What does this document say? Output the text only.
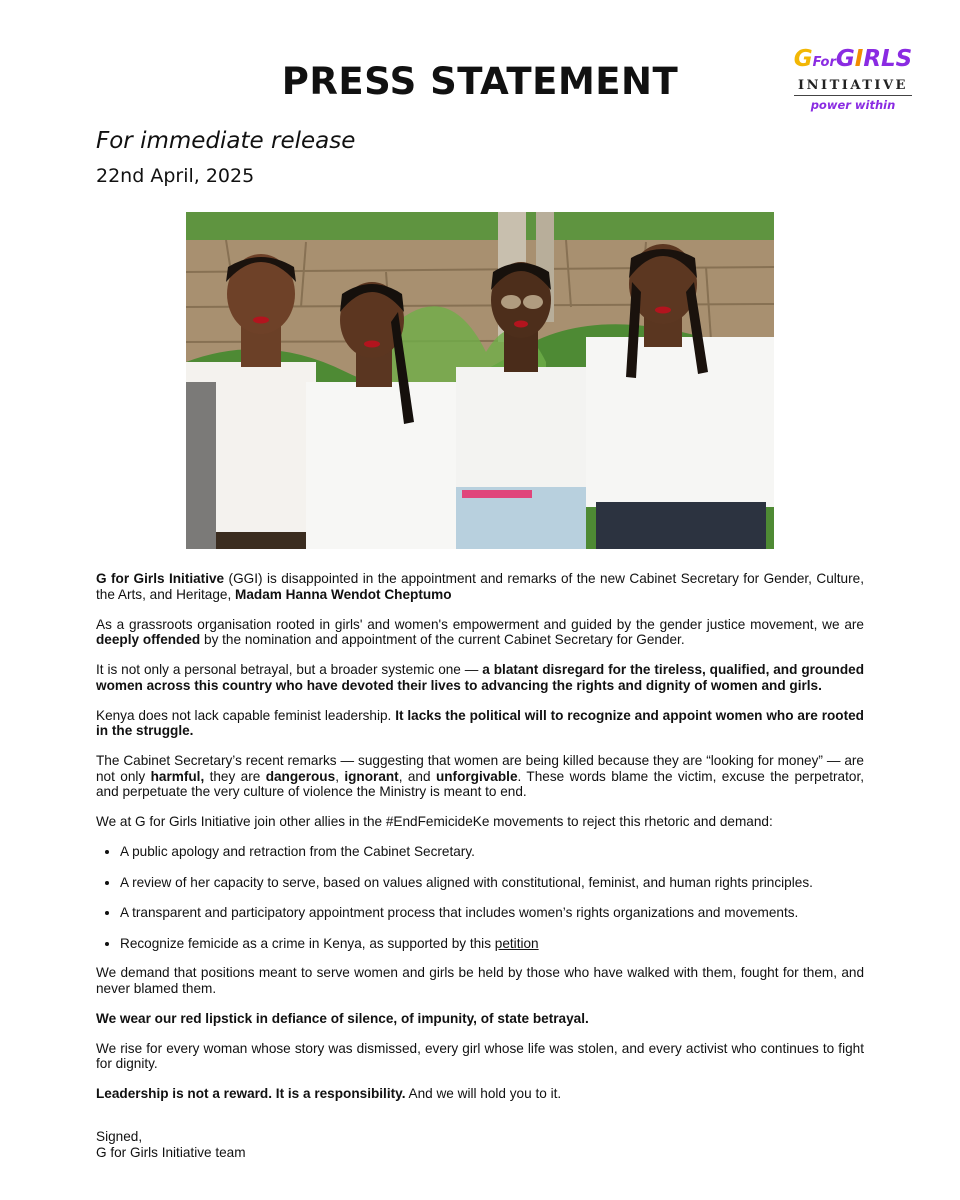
PRESS STATEMENT
GForGIRLS
INITIATIVE
power within
For immediate release
22nd April, 2025

G for Girls Initiative (GGI) is disappointed in the appointment and remarks of the new Cabinet Secretary for Gender, Culture, the Arts, and Heritage, Madam Hanna Wendot Cheptumo

As a grassroots organisation rooted in girls' and women's empowerment and guided by the gender justice movement, we are deeply offended by the nomination and appointment of the current Cabinet Secretary for Gender.

It is not only a personal betrayal, but a broader systemic one — a blatant disregard for the tireless, qualified, and grounded women across this country who have devoted their lives to advancing the rights and dignity of women and girls.

Kenya does not lack capable feminist leadership. It lacks the political will to recognize and appoint women who are rooted in the struggle.

The Cabinet Secretary’s recent remarks — suggesting that women are being killed because they are “looking for money” — are not only harmful, they are dangerous, ignorant, and unforgivable. These words blame the victim, excuse the perpetrator, and perpetuate the very culture of violence the Ministry is meant to end.

We at G for Girls Initiative join other allies in the #EndFemicideKe movements to reject this rhetoric and demand:

• A public apology and retraction from the Cabinet Secretary.
• A review of her capacity to serve, based on values aligned with constitutional, feminist, and human rights principles.
• A transparent and participatory appointment process that includes women’s rights organizations and movements.
• Recognize femicide as a crime in Kenya, as supported by this petition

We demand that positions meant to serve women and girls be held by those who have walked with them, fought for them, and never blamed them.

We wear our red lipstick in defiance of silence, of impunity, of state betrayal.

We rise for every woman whose story was dismissed, every girl whose life was stolen, and every activist who continues to fight for dignity.

Leadership is not a reward. It is a responsibility. And we will hold you to it.

Signed,
G for Girls Initiative team
